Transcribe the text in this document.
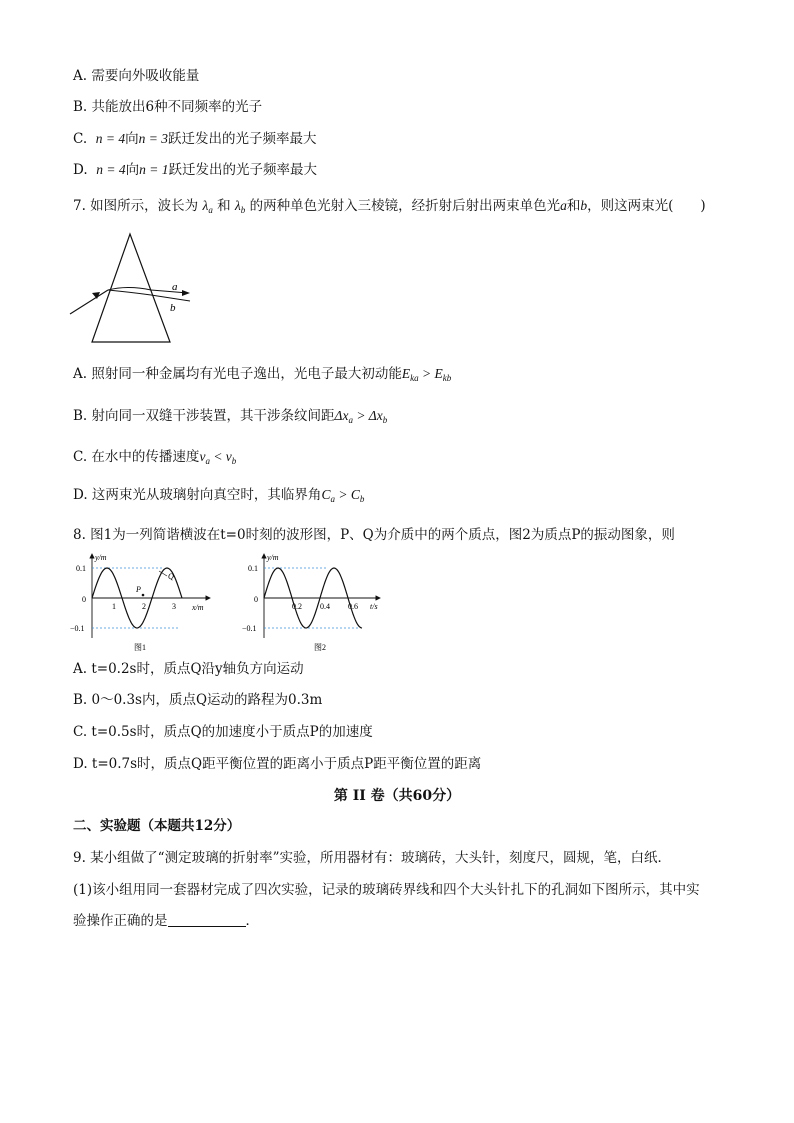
A. 需要向外吸收能量
B. 共能放出6种不同频率的光子
C. n = 4向n = 3跃迁发出的光子频率最大
D. n = 4向n = 1跃迁发出的光子频率最大
7. 如图所示，波长为 $\lambda_a$ 和 $\lambda_b$ 的两种单色光射入三棱镜，经折射后射出两束单色光a和b，则这两束光(　　)
a
b
A. 照射同一种金属均有光电子逸出，光电子最大初动能$E_{ka} > E_{kb}$
B. 射向同一双缝干涉装置，其干涉条纹间距$\Delta x_a > \Delta x_b$
C. 在水中的传播速度$v_a < v_b$
D. 这两束光从玻璃射向真空时，其临界角$C_a > C_b$
8. 图1为一列简谐横波在t=0时刻的波形图，P、Q为介质中的两个质点，图2为质点P的振动图象，则
y/m
x/m
0.1
−0.1
0
1	2	3
P
Q
图1
y/m
t/s
0.1
−0.1
0
0.2 0.4 0.6
图2
A. t=0.2s时，质点Q沿y轴负方向运动
B. 0～0.3s内，质点Q运动的路程为0.3m
C. t=0.5s时，质点Q的加速度小于质点P的加速度
D. t=0.7s时，质点Q距平衡位置的距离小于质点P距平衡位置的距离
第 II 卷（共60分）
二、实验题（本题共12分）
9. 某小组做了“测定玻璃的折射率”实验，所用器材有：玻璃砖，大头针，刻度尺，圆规，笔，白纸．
(1)该小组用同一套器材完成了四次实验，记录的玻璃砖界线和四个大头针扎下的孔洞如下图所示，其中实
验操作正确的是	．
